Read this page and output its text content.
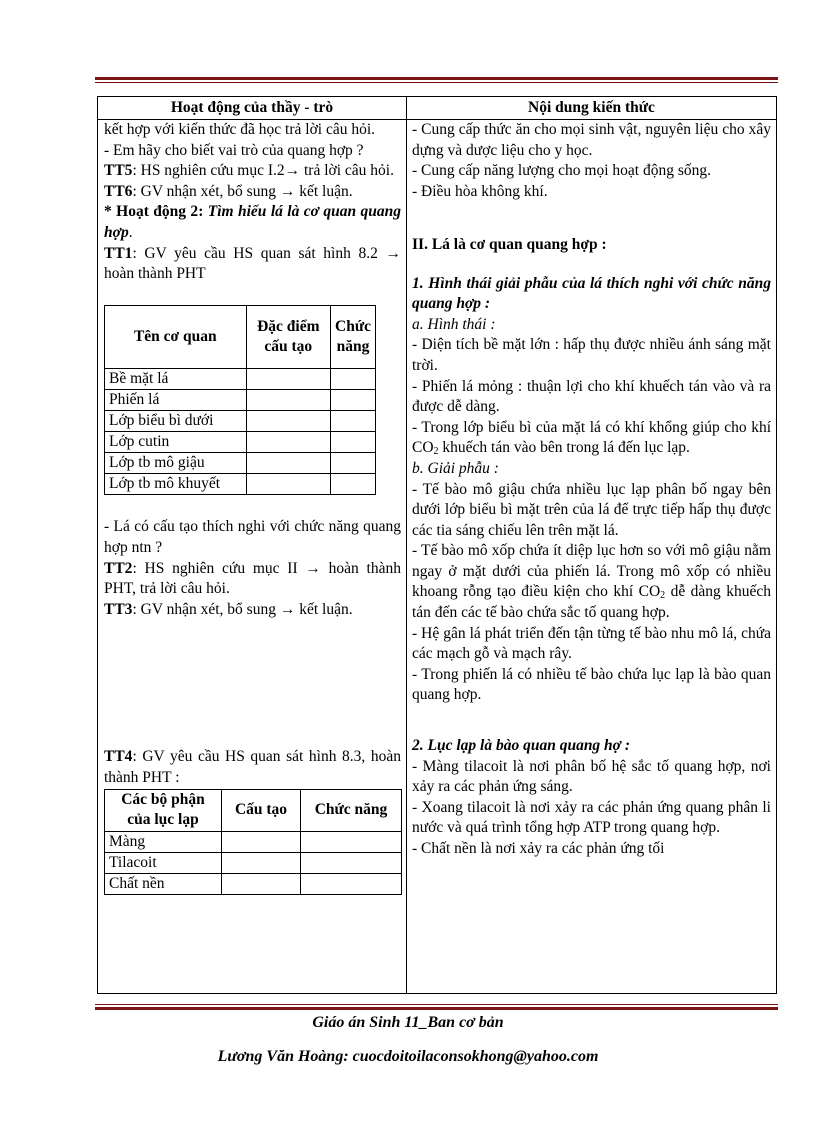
Hoạt động của thầy - trò	Nội dung kiến thức

kết hợp với kiến thức đã học trả lời câu hỏi.

- Em hãy cho biết vai trò của quang hợp ?

TT5: HS nghiên cứu mục I.2→ trả lời câu hỏi.

TT6: GV nhận xét, bổ sung → kết luận.

* Hoạt động 2: Tìm hiểu lá là cơ quan quang hợp.

TT1: GV yêu cầu HS quan sát hình 8.2 → hoàn thành PHT

Tên cơ quan	Đặc điểm cấu tạo	Chức năng
Bề mặt lá		
Phiến lá		
Lớp biểu bì dưới		
Lớp cutin		
Lớp tb mô giậu		
Lớp tb mô khuyết		

- Lá có cấu tạo thích nghi với chức năng quang hợp ntn ?

TT2: HS nghiên cứu mục II → hoàn thành PHT, trả lời câu hỏi.

TT3: GV nhận xét, bổ sung → kết luận.

TT4: GV yêu cầu HS quan sát hình 8.3, hoàn thành PHT :

Các bộ phận của lục lạp	Cấu tạo	Chức năng
Màng		
Tilacoit		
Chất nền		

- Cung cấp thức ăn cho mọi sinh vật, nguyên liệu cho xây dựng và dược liệu cho y học.

- Cung cấp năng lượng cho mọi hoạt động sống.

- Điều hòa không khí.

II. Lá là cơ quan quang hợp :

1. Hình thái giải phẫu của lá thích nghi với chức năng quang hợp :

a. Hình thái :

- Diện tích bề mặt lớn : hấp thụ được nhiều ánh sáng mặt trời.

- Phiến lá mỏng : thuận lợi cho khí khuếch tán vào và ra được dễ dàng.

- Trong lớp biểu bì của mặt lá có khí khổng giúp cho khí $CO_2$ khuếch tán vào bên trong lá đến lục lạp.

b. Giải phẫu :

- Tế bào mô giậu chứa nhiều lục lạp phân bố ngay bên dưới lớp biểu bì mặt trên của lá để trực tiếp hấp thụ được các tia sáng chiếu lên trên mặt lá.

- Tế bào mô xốp chứa ít diệp lục hơn so với mô giậu nằm ngay ở mặt dưới của phiến lá. Trong mô xốp có nhiều khoang rỗng tạo điều kiện cho khí $CO_2$ dễ dàng khuếch tán đến các tế bào chứa sắc tố quang hợp.

- Hệ gân lá phát triển đến tận từng tế bào nhu mô lá, chứa các mạch gỗ và mạch rây.

- Trong phiến lá có nhiều tế bào chứa lục lạp là bào quan quang hợp.

2. Lục lạp là bào quan quang hợ :

- Màng tilacoit là nơi phân bố hệ sắc tố quang hợp, nơi xảy ra các phản ứng sáng.

- Xoang tilacoit là nơi xảy ra các phản ứng quang phân li nước và quá trình tổng hợp ATP trong quang hợp.

- Chất nền là nơi xảy ra các phản ứng tối

Giáo án Sinh 11_Ban cơ bản
Lương Văn Hoàng: cuocdoitoilaconsokhong@yahoo.com
